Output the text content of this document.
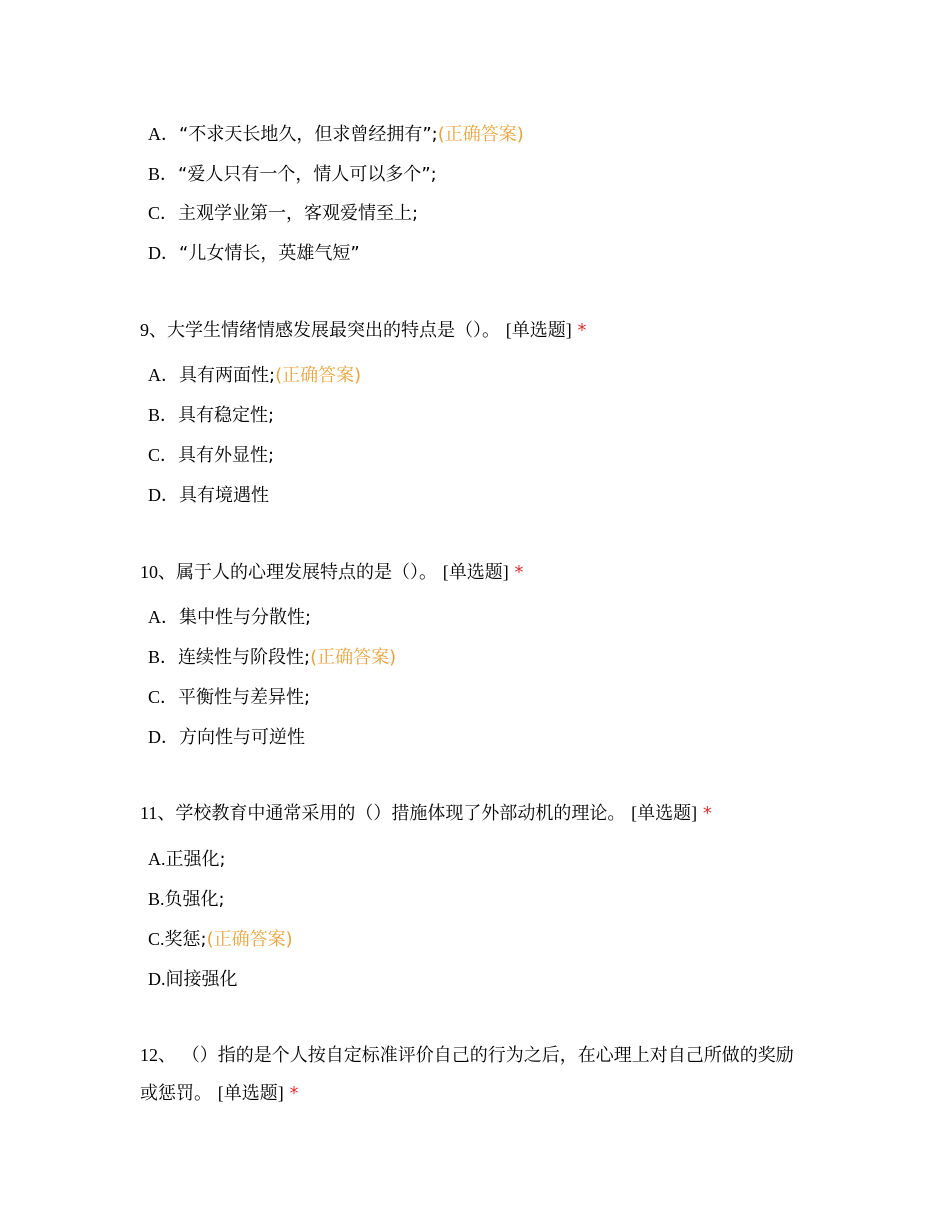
A．“不求天长地久，但求曾经拥有”;(正确答案)
B．“爱人只有一个，情人可以多个”;
C．主观学业第一，客观爱情至上;
D．“儿女情长，英雄气短”
9、大学生情绪情感发展最突出的特点是（）。 [单选题] *
A．具有两面性;(正确答案)
B．具有稳定性;
C．具有外显性;
D．具有境遇性
10、属于人的心理发展特点的是（）。 [单选题] *
A．集中性与分散性;
B．连续性与阶段性;(正确答案)
C．平衡性与差异性;
D．方向性与可逆性
11、学校教育中通常采用的（）措施体现了外部动机的理论。 [单选题] *
A.正强化;
B.负强化;
C.奖惩;(正确答案)
D.间接强化
12、 （）指的是个人按自定标准评价自己的行为之后，在心理上对自己所做的奖励
或惩罚。 [单选题] *
